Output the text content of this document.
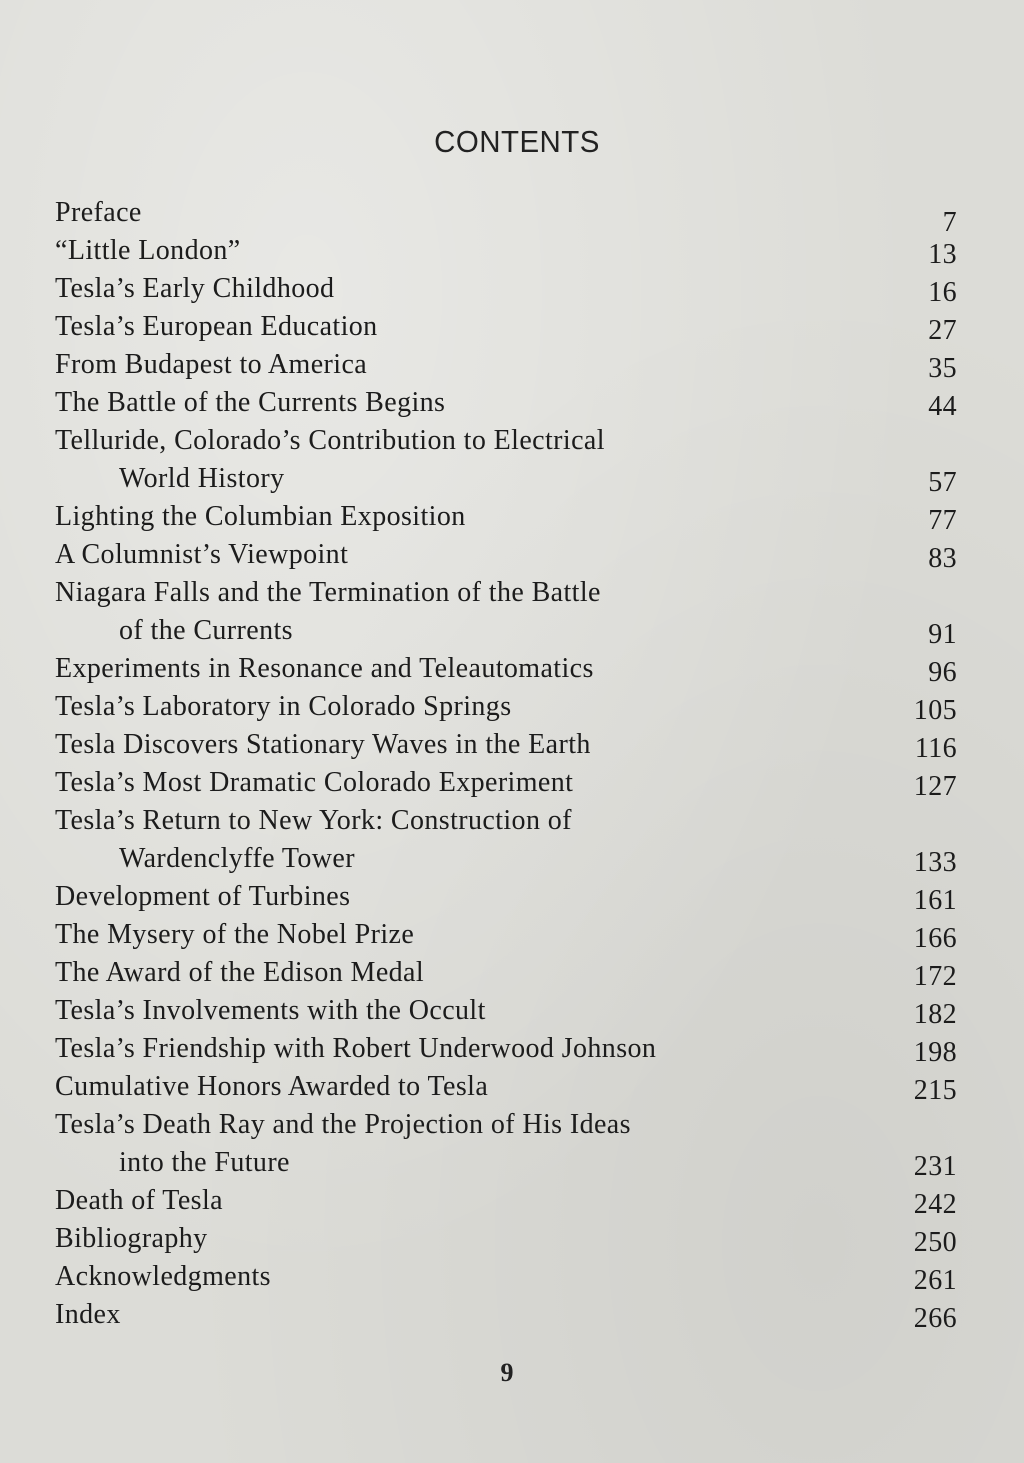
CONTENTS
Preface	7
“Little London”	13
Tesla’s Early Childhood	16
Tesla’s European Education	27
From Budapest to America	35
The Battle of the Currents Begins	44
Telluride, Colorado’s Contribution to Electrical
World History	57
Lighting the Columbian Exposition	77
A Columnist’s Viewpoint	83
Niagara Falls and the Termination of the Battle
of the Currents	91
Experiments in Resonance and Teleautomatics	96
Tesla’s Laboratory in Colorado Springs	105
Tesla Discovers Stationary Waves in the Earth	116
Tesla’s Most Dramatic Colorado Experiment	127
Tesla’s Return to New York: Construction of
Wardenclyffe Tower	133
Development of Turbines	161
The Mysery of the Nobel Prize	166
The Award of the Edison Medal	172
Tesla’s Involvements with the Occult	182
Tesla’s Friendship with Robert Underwood Johnson	198
Cumulative Honors Awarded to Tesla	215
Tesla’s Death Ray and the Projection of His Ideas
into the Future	231
Death of Tesla	242
Bibliography	250
Acknowledgments	261
Index	266
9
